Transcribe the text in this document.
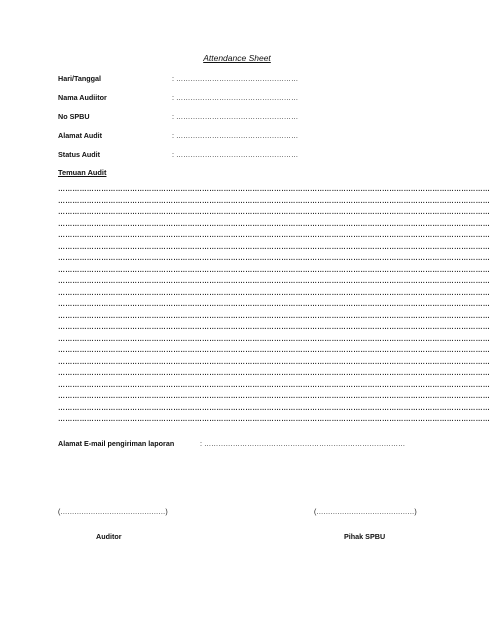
Attendance Sheet
Hari/Tanggal	: ……………………………………………
Nama Audiitor	: ……………………………………………
No SPBU	: ……………………………………………
Alamat Audit	: ……………………………………………
Status Audit	: ……………………………………………
Temuan Audit
………………………………………………………………………………………………………………………………………………………………
………………………………………………………………………………………………………………………………………………………………
………………………………………………………………………………………………………………………………………………………………
………………………………………………………………………………………………………………………………………………………………
………………………………………………………………………………………………………………………………………………………………
………………………………………………………………………………………………………………………………………………………………
………………………………………………………………………………………………………………………………………………………………
………………………………………………………………………………………………………………………………………………………………
………………………………………………………………………………………………………………………………………………………………
………………………………………………………………………………………………………………………………………………………………
………………………………………………………………………………………………………………………………………………………………
………………………………………………………………………………………………………………………………………………………………
………………………………………………………………………………………………………………………………………………………………
………………………………………………………………………………………………………………………………………………………………
………………………………………………………………………………………………………………………………………………………………
………………………………………………………………………………………………………………………………………………………………
………………………………………………………………………………………………………………………………………………………………
………………………………………………………………………………………………………………………………………………………………
………………………………………………………………………………………………………………………………………………………………
………………………………………………………………………………………………………………………………………………………………
………………………………………………………………………………………………………………………………………………………………
Alamat E-mail pengiriman laporan	: …………………………………………………………………………
(………………………………………)	(……………………………………)
Auditor	Pihak SPBU
